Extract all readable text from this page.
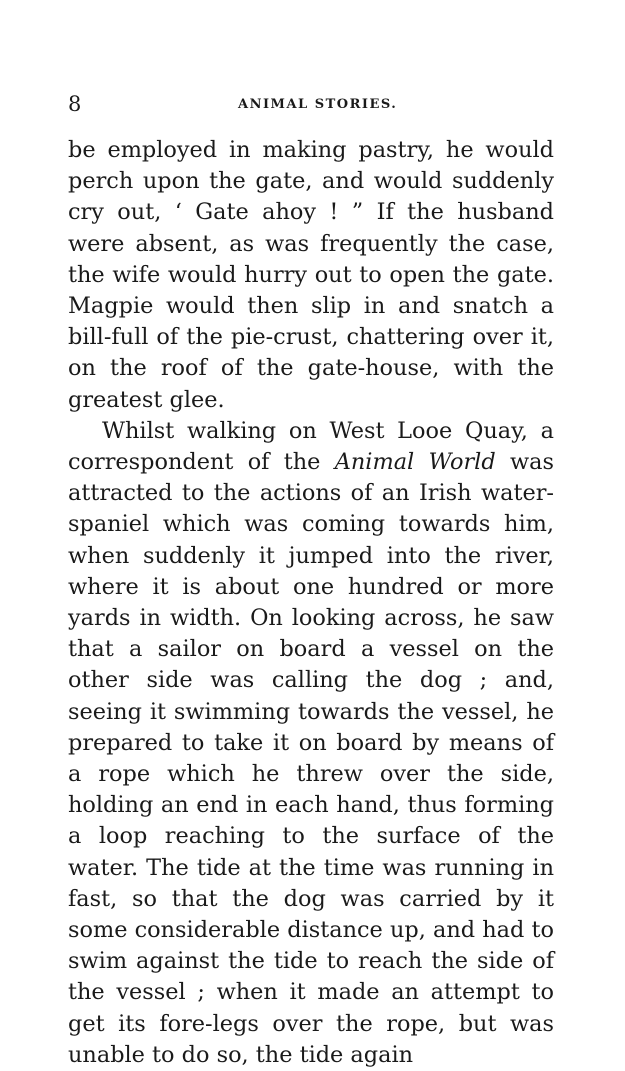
8	ANIMAL STORIES.

be employed in making pastry, he would perch upon the gate, and would suddenly cry out, ‘ Gate ahoy ! ” If the husband were absent, as was frequently the case, the wife would hurry out to open the gate. Magpie would then slip in and snatch a bill-full of the pie-crust, chattering over it, on the roof of the gate-house, with the greatest glee.

Whilst walking on West Looe Quay, a correspondent of the Animal World was attracted to the actions of an Irish water-spaniel which was coming towards him, when suddenly it jumped into the river, where it is about one hundred or more yards in width. On looking across, he saw that a sailor on board a vessel on the other side was calling the dog ; and, seeing it swimming towards the vessel, he prepared to take it on board by means of a rope which he threw over the side, holding an end in each hand, thus forming a loop reaching to the surface of the water. The tide at the time was running in fast, so that the dog was carried by it some considerable distance up, and had to swim against the tide to reach the side of the vessel ; when it made an attempt to get its fore-legs over the rope, but was unable to do so, the tide again
